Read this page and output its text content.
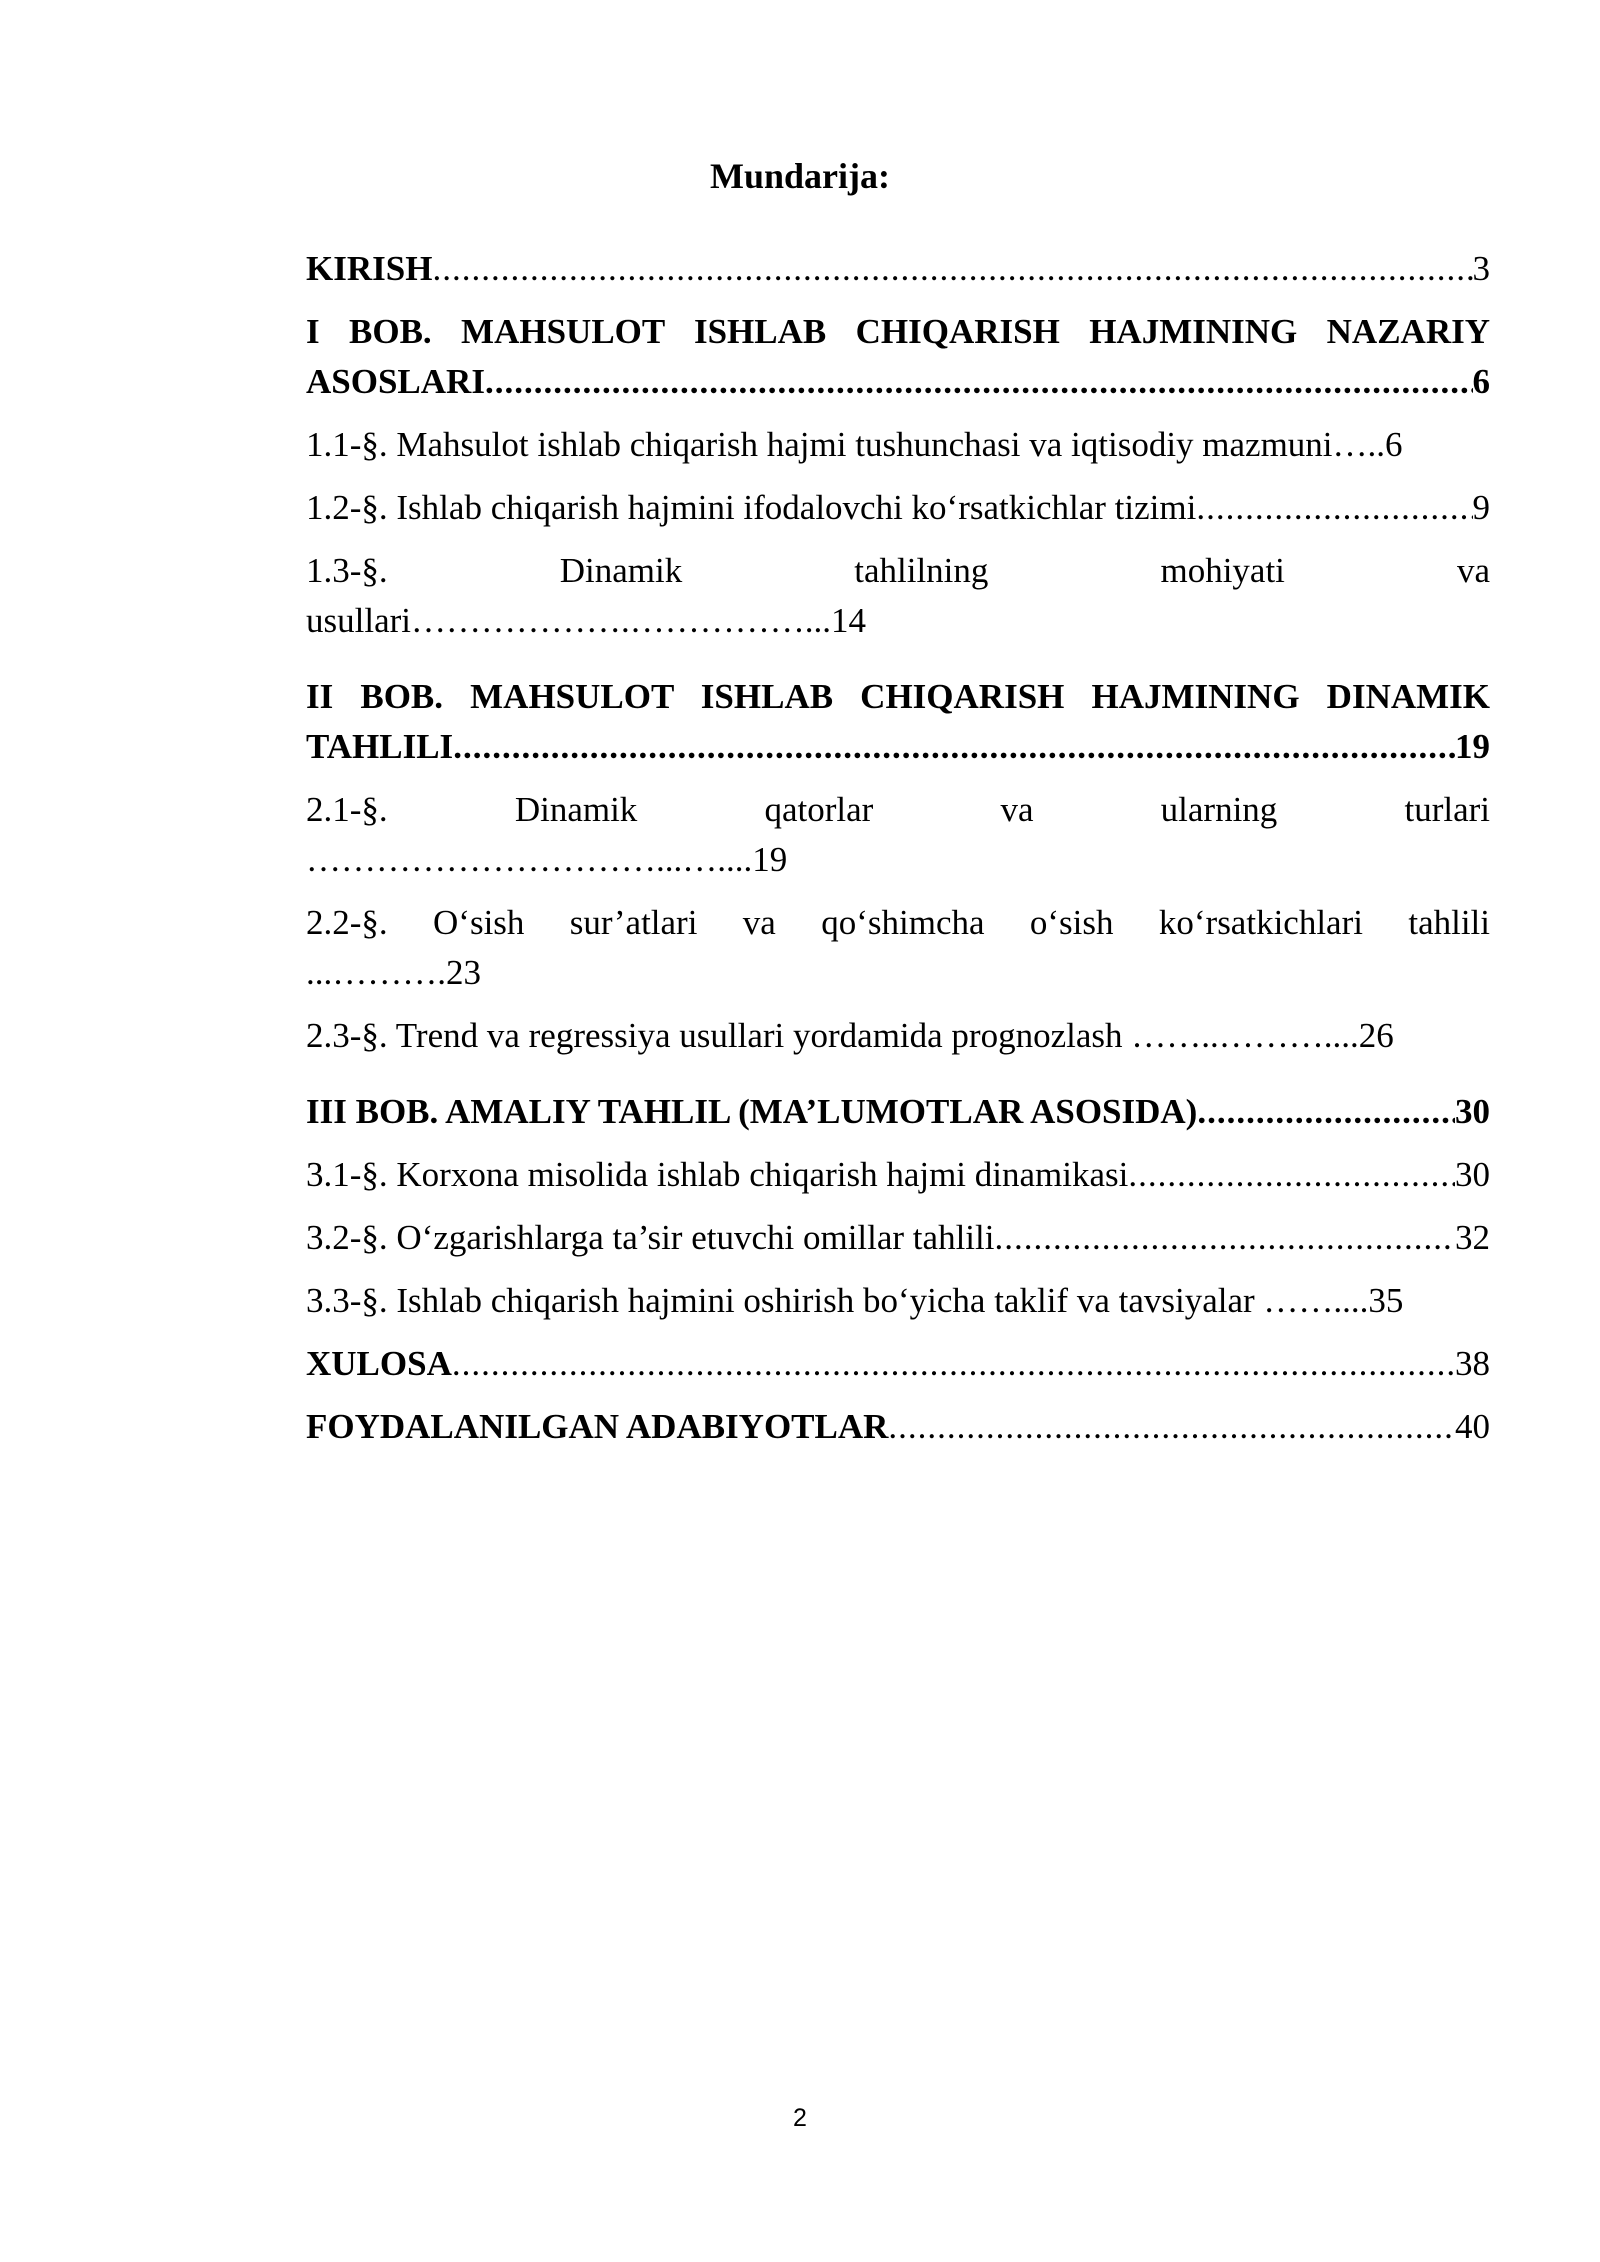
Mundarija:
KIRISH .....	3
I BOB. MAHSULOT ISHLAB CHIQARISH HAJMINING NAZARIY
ASOSLARI .....	6
1.1-§. Mahsulot ishlab chiqarish hajmi tushunchasi va iqtisodiy mazmuni…..6
1.2-§. Ishlab chiqarish hajmini ifodalovchi ko‘rsatkichlar tizimi .....	9
1.3-§. Dinamik tahlilning mohiyati va
usullari……………….……………...14
II BOB. MAHSULOT ISHLAB CHIQARISH HAJMINING DINAMIK
TAHLILI .....	19
2.1-§. Dinamik qatorlar va ularning turlari
…………………………...…....19
2.2-§. O‘sish sur’atlari va qo‘shimcha o‘sish ko‘rsatkichlari tahlili
...……….23
2.3-§. Trend va regressiya usullari yordamida prognozlash ……..………....26
III BOB. AMALIY TAHLIL (MA’LUMOTLAR ASOSIDA) .....	30
3.1-§. Korxona misolida ishlab chiqarish hajmi dinamikasi .....	30
3.2-§. O‘zgarishlarga ta’sir etuvchi omillar tahlili .....	32
3.3-§. Ishlab chiqarish hajmini oshirish bo‘yicha taklif va tavsiyalar ……....35
XULOSA .....	38
FOYDALANILGAN ADABIYOTLAR .....	40
2
